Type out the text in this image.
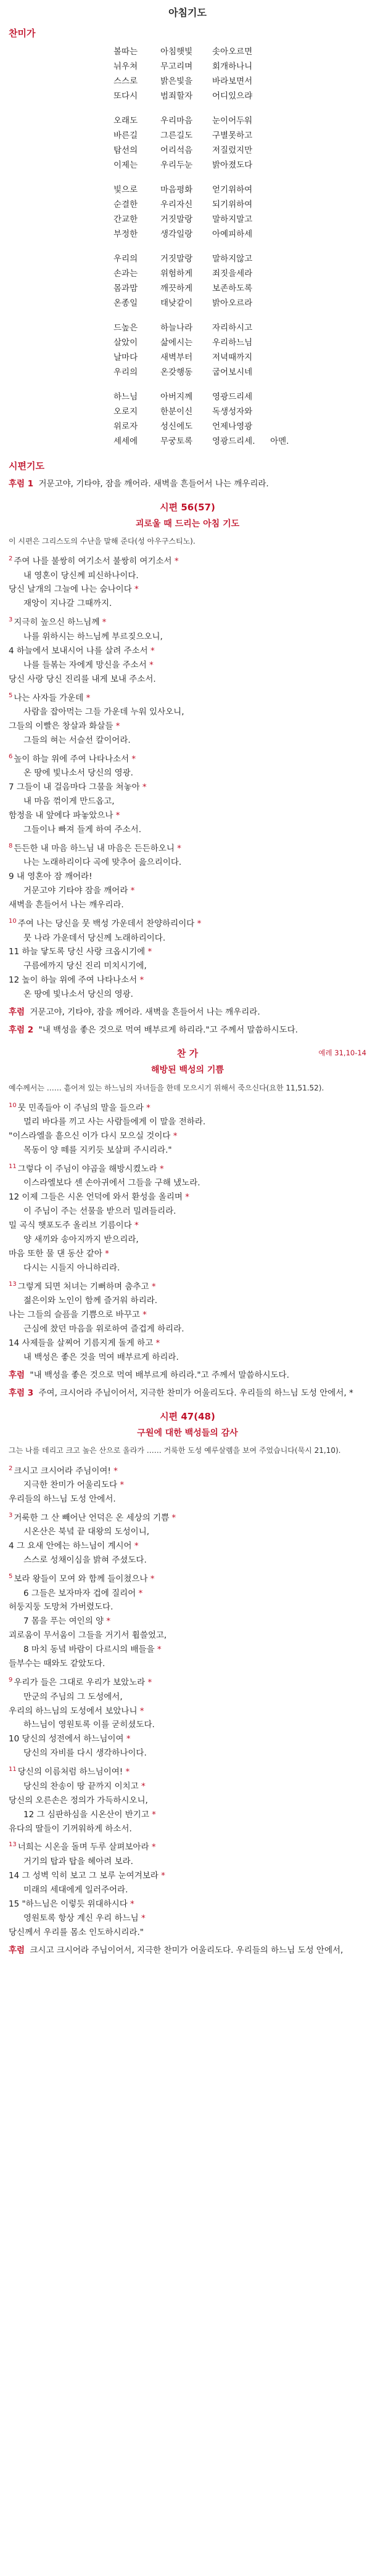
아침기도
찬미가
볼따는	아침햇빛	솟아오르면
뉘우쳐	무고리며	회개하나니
스스로	밝은빛을	바라보면서
또다시	범죄할자	어디있으랴
오래도	우리마음	눈이어두워
바른길	그른길도	구별못하고
탐선의	어리석음	저질렀지만
이제는	우리두눈	밝아졌도다
빛으로	마음평화	얻기위하여
순결한	우리자신	되기위하여
간교한	거짓말랑	말하지말고
부정한	생각일랑	아예피하세
우리의	거짓말랑	말하지않고
손과는	위험하게	죄짓을세라
몸과맘	깨끗하게	보존하도록
온종일	태낮같이	밝아오르라
드높은	하늘나라	자리하시고
살았이	삶에시는	우리하느님
날마다	새벽부터	저녁때까지
우리의	온갖행동	굽어보시네
하느님	아버지께	영광드리세
오로지	한분이신	독생성자와
위로자	성신에도	언제나영광
세세에	무궁토록	영광드리세. 아멘.
시편기도
후렴 1 거문고야, 기타야, 잠을 깨어라. 새벽을 흔들어서 나는 깨우리라.
시편 56(57)
괴로울 때 드리는 아침 기도
이 시편은 그리스도의 수난을 말해 준다(성 아우구스티노).

$^2$ 주여 나를 불쌍히 여기소서 불쌍히 여기소서 *

내 영혼이 당신께 피신하나이다.

당신 날개의 그늘에 나는 숨나이다 *

재앙이 지나갈 그때까지.

$^3$ 지극히 높으신 하느님께 *

나를 위하시는 하느님께 부르짖으오니,

4 하늘에서 보내시어 나를 살려 주소서 *

나를 들볶는 자에게 망신을 주소서 *

당신 사랑 당신 진리를 내게 보내 주소서.

$^5$ 나는 사자들 가운데 *

사람을 잡아먹는 그들 가운데 누워 있사오니,

그들의 이빨은 창살과 화살들 *

그들의 혀는 서슬선 칼이어라.

$^6$ 높이 하늘 위에 주여 나타나소서 *

온 땅에 빛나소서 당신의 영광.

7 그들이 내 걸음마다 그물을 쳐놓아 *

내 마음 꺾이게 만드옵고,

함정을 내 앞에다 파놓았으나 *

그들이나 빠져 들게 하여 주소서.

$^8$ 든든한 내 마음 하느님 내 마음은 든든하오니 *

나는 노래하리이다 곡에 맞추어 읊으리이다.

9 내 영혼아 잠 깨어라!

거문고야 기타야 잠을 깨어라 *

새벽을 흔들어서 나는 깨우리라.

$^{10}$ 주여 나는 당신을 뭇 백성 가운데서 찬양하리이다 *

뭇 나라 가운데서 당신께 노래하리이다.

11 하늘 닿도록 당신 사랑 크옵시기에 *

구름에까지 당신 진리 미치시기에,

12 높이 하늘 위에 주여 나타나소서 *

온 땅에 빛나소서 당신의 영광.

후렴 거문고야, 기타야, 잠을 깨어라. 새벽을 흔들어서 나는 깨우리라.
후렴 2 "내 백성을 좋은 것으로 먹여 배부르게 하리라."고 주께서 말씀하시도다.
찬 가	예레 31,10-14
해방된 백성의 기쁨
예수께서는 …… 흩어져 있는 하느님의 자녀들을 한데 모으시기 위해서 죽으신다(요한 11,51.52).

$^{10}$ 뭇 민족들아 이 주님의 말을 들으라 *

멀리 바다를 끼고 사는 사람들에게 이 말을 전하라.

"이스라엘을 흩으신 이가 다시 모으실 것이다 *

목동이 양 떼를 지키듯 보살펴 주시리라."

$^{11}$ 그렇다 이 주님이 야곱을 해방시켰노라 *

이스라엘보다 센 손아귀에서 그들을 구해 냈노라.

12 이제 그들은 시온 언덕에 와서 환성을 올리며 *

이 주님이 주는 선물을 받으러 밀려들리라.

밀 곡식 햇포도주 올리브 기름이다 *

양 새끼와 송아지까지 받으리라,

마음 또한 물 댄 동산 같아 *

다시는 시들지 아니하리라.

$^{13}$ 그렇게 되면 처녀는 기뻐하며 춤추고 *

젊은이와 노인이 함께 즐거워 하리라.

나는 그들의 슬픔을 기쁨으로 바꾸고 *

근심에 찼던 마음을 위로하여 즐겁게 하리라.

14 사제들을 살찌어 기름지게 돌게 하고 *

내 백성은 좋은 것을 먹여 배부르게 하리라.

후렴 "내 백성을 좋은 것으로 먹여 배부르게 하리라."고 주께서 말씀하시도다.
후렴 3 주여, 크시어라 주님이어서, 지극한 찬미가 어울리도다. 우리들의 하느님 도성 안에서, *
시편 47(48)
구원에 대한 백성들의 감사
그는 나를 데리고 크고 높은 산으로 올라가 …… 거룩한 도성 예루살렘을 보여 주었습니다(묵시 21,10).

$^2$ 크시고 크시어라 주님이여! *

지극한 찬미가 어울리도다 *

우리들의 하느님 도성 안에서.

$^3$ 거룩한 그 산 빼어난 언덕은 온 세상의 기쁨 *

시온산은 북녘 끝 대왕의 도성이니,

4 그 요새 안에는 하느님이 계시어 *

스스로 성채이심을 밝혀 주셨도다.

$^5$ 보라 왕들이 모여 와 함께 들이쳤으나 *

6 그들은 보자마자 겁에 질리어 *

허둥지둥 도망쳐 가버렸도다.

7 몸을 푸는 여인의 양 *

괴로움이 무서움이 그들을 거기서 휩쓸었고,

8 마치 동녘 바람이 다르시의 배들을 *

들부수는 때와도 같았도다.

$^9$ 우리가 들은 그대로 우리가 보았노라 *

만군의 주님의 그 도성에서,

우리의 하느님의 도성에서 보았나니 *

하느님이 영원토록 이를 굳히셨도다.

10 당신의 성전에서 하느님이여 *

당신의 자비를 다시 생각하나이다.

$^{11}$ 당신의 이름처럼 하느님이여! *

당신의 찬송이 땅 끝까지 이치고 *

당신의 오른손은 정의가 가득하시오니,

12 그 심판하심을 시온산이 반기고 *

유다의 딸들이 기꺼워하게 하소서.

$^{13}$ 너희는 시온을 돌며 두루 살펴보아라 *

거기의 탑과 탑을 헤아려 보라.

14 그 성벽 익히 보고 그 보루 눈여겨보라 *

미래의 세대에게 일러주어라.

15 "하느님은 이렇듯 위대하시다 *

영원토록 항상 계신 우리 하느님 *

당신께서 우리를 몸소 인도하시리라."

후렴 크시고 크시어라 주님이어서, 지극한 찬미가 어울리도다. 우리들의 하느님 도성 안에서,
